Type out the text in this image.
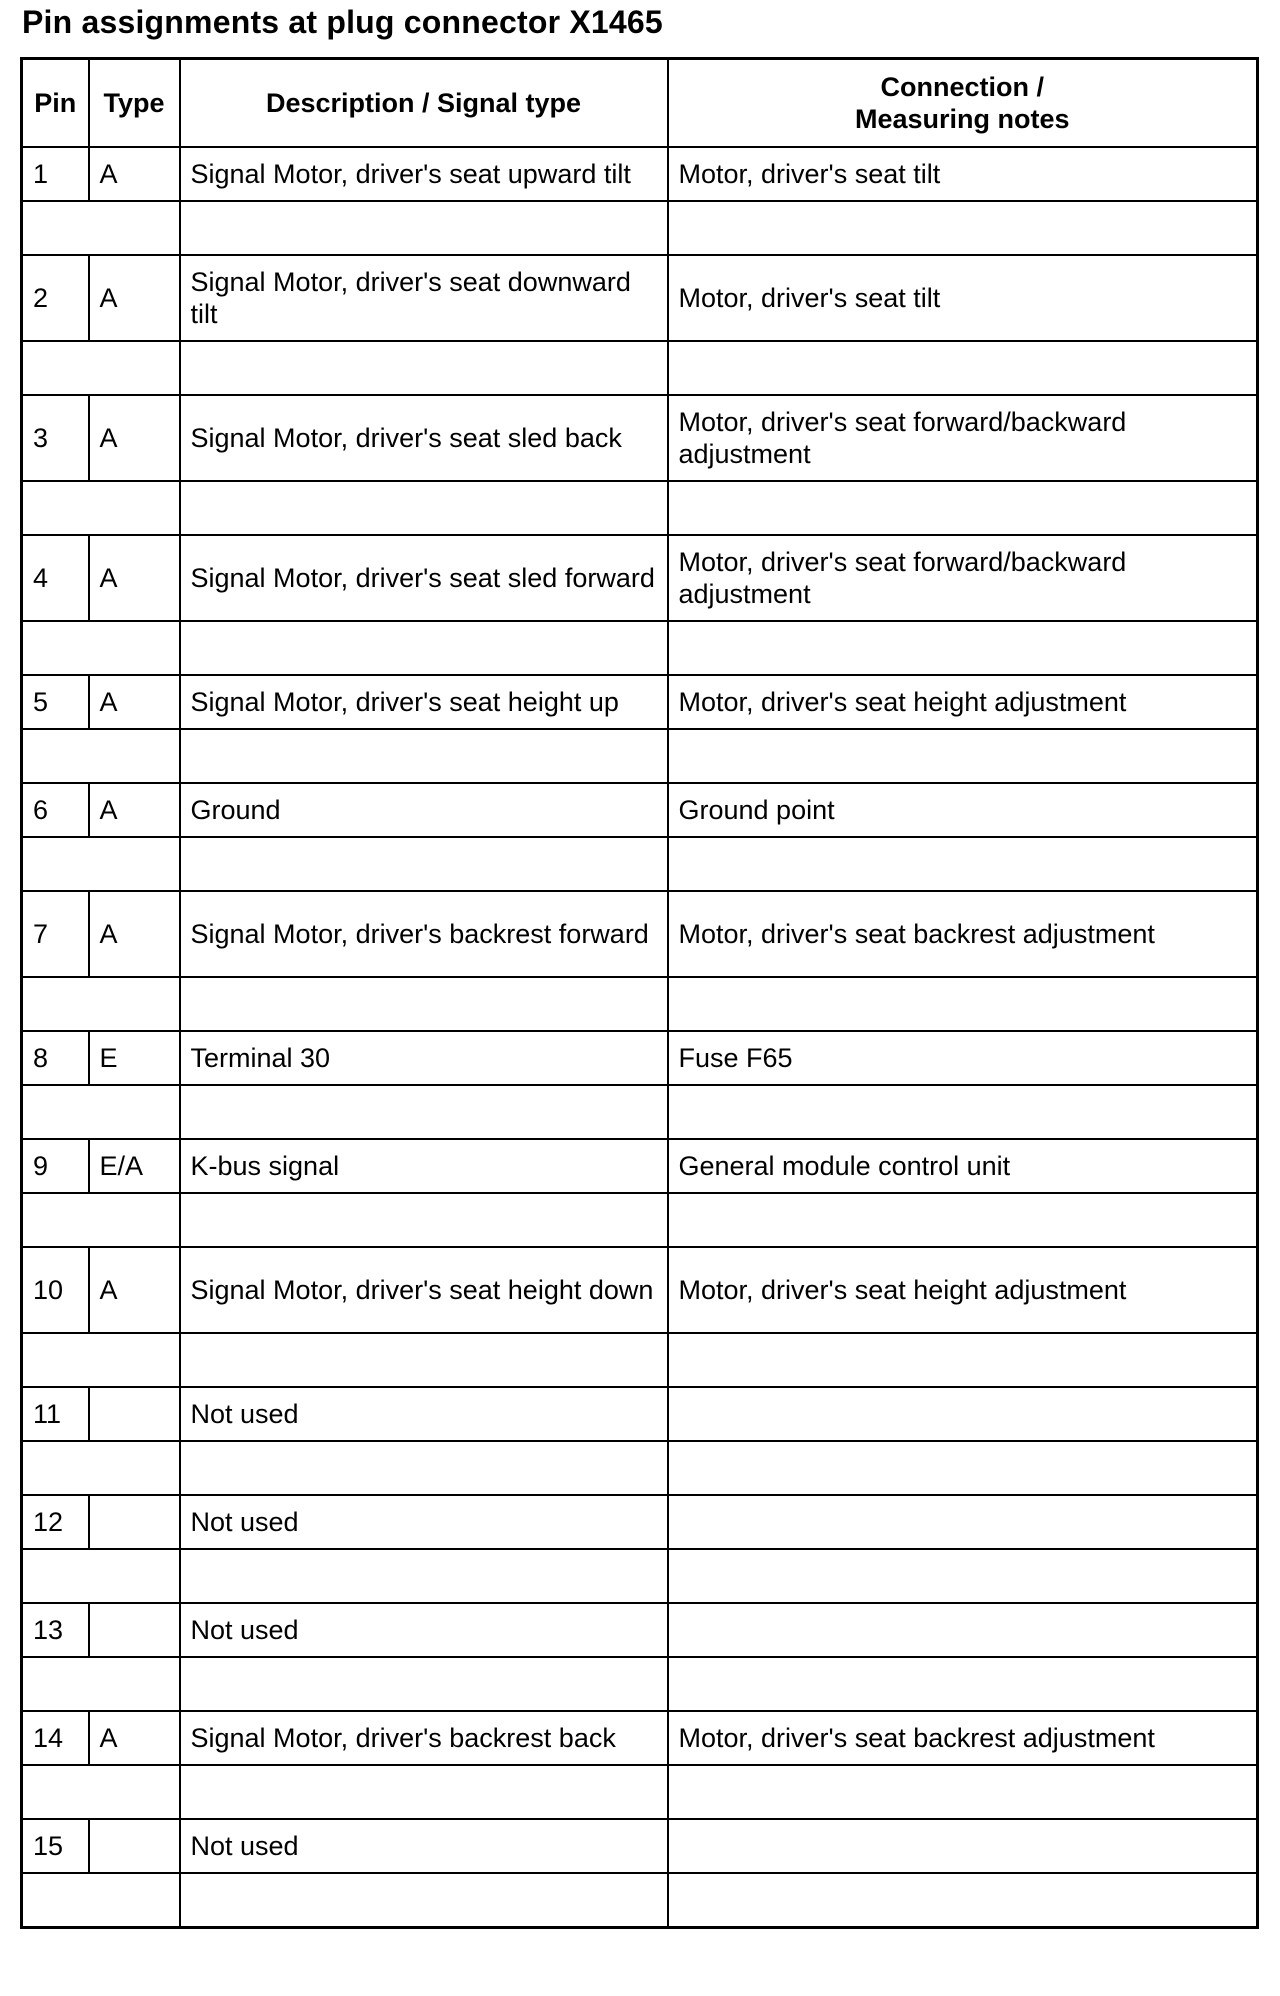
Pin assignments at plug connector X1465
Pin	Type	Description / Signal type	Connection /
Measuring notes
1	A	Signal Motor, driver's seat upward tilt	Motor, driver's seat tilt

2	A	Signal Motor, driver's seat downward tilt	Motor, driver's seat tilt

3	A	Signal Motor, driver's seat sled back	Motor, driver's seat forward/backward adjustment

4	A	Signal Motor, driver's seat sled forward	Motor, driver's seat forward/backward adjustment

5	A	Signal Motor, driver's seat height up	Motor, driver's seat height adjustment

6	A	Ground	Ground point

7	A	Signal Motor, driver's backrest forward	Motor, driver's seat backrest adjustment

8	E	Terminal 30	Fuse F65

9	E/A	K-bus signal	General module control unit

10	A	Signal Motor, driver's seat height down	Motor, driver's seat height adjustment

11		Not used	

12		Not used	

13		Not used	

14	A	Signal Motor, driver's backrest back	Motor, driver's seat backrest adjustment

15		Not used	
